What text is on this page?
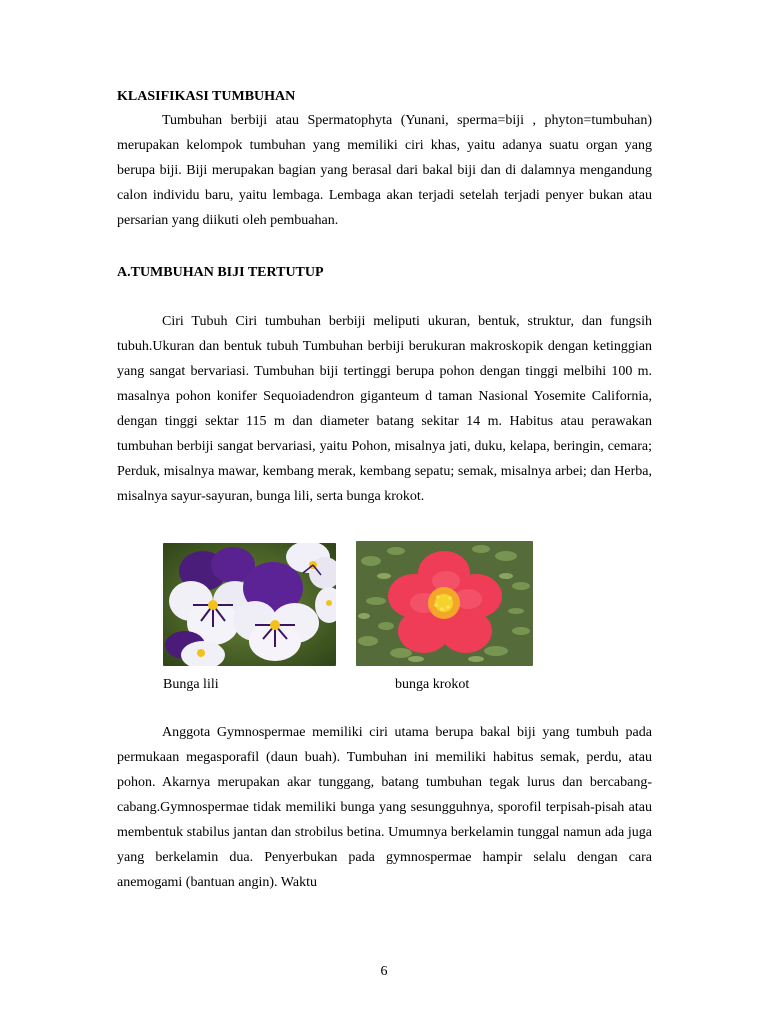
KLASIFIKASI TUMBUHAN

Tumbuhan berbiji atau Spermatophyta (Yunani, sperma=biji , phyton=tumbuhan) merupakan kelompok tumbuhan yang memiliki ciri khas, yaitu adanya suatu organ yang berupa biji. Biji merupakan bagian yang berasal dari bakal biji dan di dalamnya mengandung calon individu baru, yaitu lembaga. Lembaga akan terjadi setelah terjadi penyer bukan atau persarian yang diikuti oleh pembuahan.

A.TUMBUHAN BIJI TERTUTUP

Ciri Tubuh Ciri tumbuhan berbiji meliputi ukuran, bentuk, struktur, dan fungsih tubuh.Ukuran dan bentuk tubuh Tumbuhan berbiji berukuran makroskopik dengan ketinggian yang sangat bervariasi. Tumbuhan biji tertinggi berupa pohon dengan tinggi melbihi 100 m. masalnya pohon konifer Sequoiadendron giganteum d taman Nasional Yosemite California, dengan tinggi sektar 115 m dan diameter batang sekitar 14 m. Habitus atau perawakan tumbuhan berbiji sangat bervariasi, yaitu Pohon, misalnya jati, duku, kelapa, beringin, cemara; Perduk, misalnya mawar, kembang merak, kembang sepatu; semak, misalnya arbei; dan Herba, misalnya sayur-sayuran, bunga lili, serta bunga krokot.

Bunga lili	bunga krokot

Anggota Gymnospermae memiliki ciri utama berupa bakal biji yang tumbuh pada permukaan megasporafil (daun buah). Tumbuhan ini memiliki habitus semak, perdu, atau pohon. Akarnya merupakan akar tunggang, batang tumbuhan tegak lurus dan bercabang-cabang.Gymnospermae tidak memiliki bunga yang sesungguhnya, sporofil terpisah-pisah atau membentuk stabilus jantan dan strobilus betina. Umumnya berkelamin tunggal namun ada juga yang berkelamin dua. Penyerbukan pada gymnospermae hampir selalu dengan cara anemogami (bantuan angin). Waktu

6
